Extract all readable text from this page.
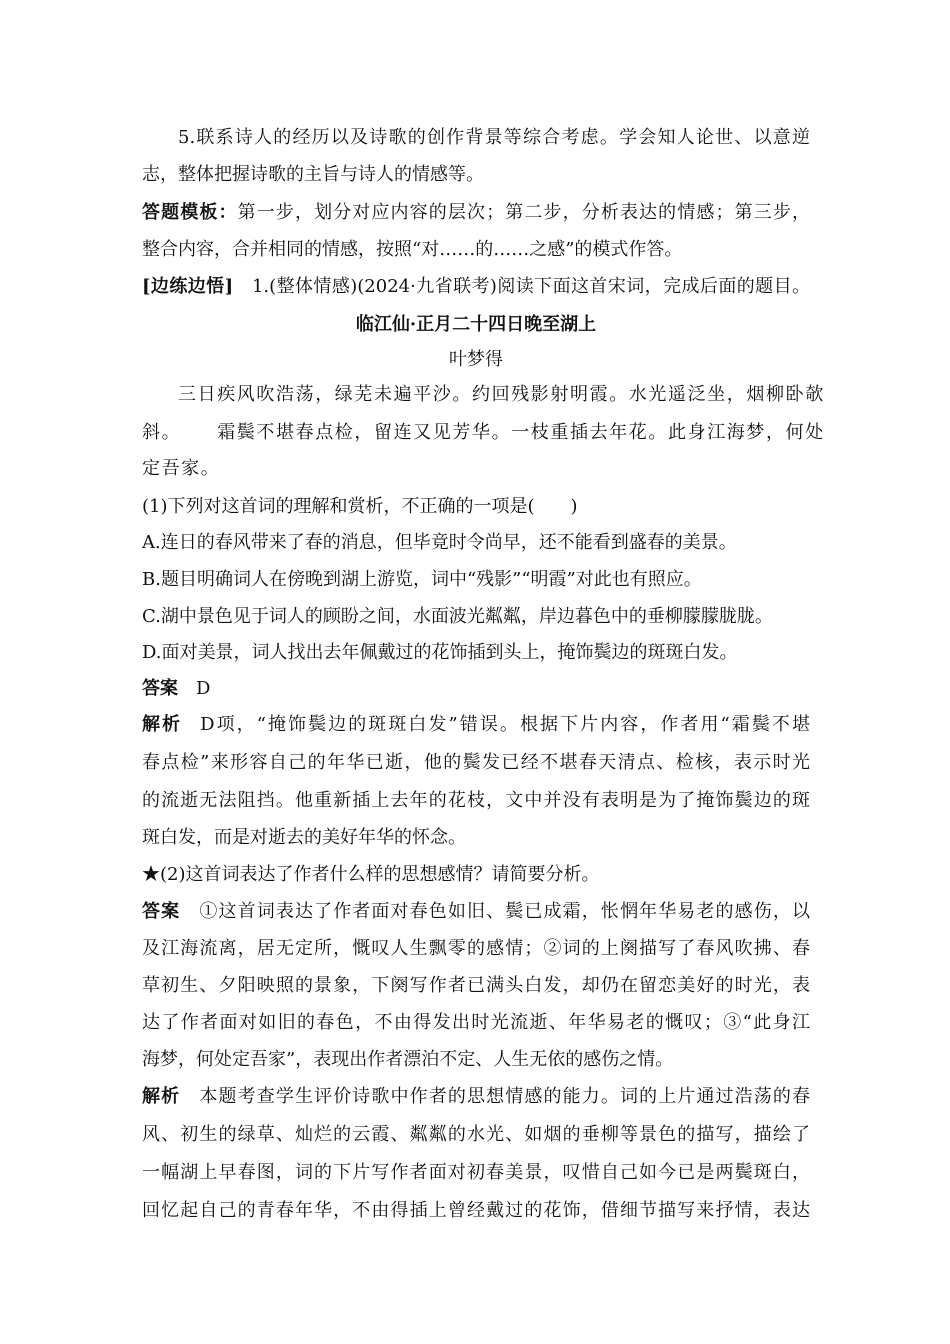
5.联系诗人的经历以及诗歌的创作背景等综合考虑。学会知人论世、以意逆
志，整体把握诗歌的主旨与诗人的情感等。
答题模板：第一步，划分对应内容的层次；第二步，分析表达的情感；第三步，
整合内容，合并相同的情感，按照“对……的……之感”的模式作答。
[边练边悟]　 1.(整体情感)(2024·九省联考)阅读下面这首宋词，完成后面的题目。
临江仙·正月二十四日晚至湖上
叶梦得
三日疾风吹浩荡，绿芜未遍平沙。约回残影射明霞。水光遥泛坐，烟柳卧欹
斜。 霜鬓不堪春点检，留连又见芳华。一枝重插去年花。此身江海梦，何处
定吾家。
(1)下列对这首词的理解和赏析，不正确的一项是(　　)
A.连日的春风带来了春的消息，但毕竟时令尚早，还不能看到盛春的美景。
B.题目明确词人在傍晚到湖上游览，词中“残影”“明霞”对此也有照应。
C.湖中景色见于词人的顾盼之间，水面波光粼粼，岸边暮色中的垂柳朦朦胧胧。
D.面对美景，词人找出去年佩戴过的花饰插到头上，掩饰鬓边的斑斑白发。
答案 D
解析 D项，“掩饰鬓边的斑斑白发”错误。根据下片内容，作者用“霜鬓不堪
春点检”来形容自己的年华已逝，他的鬓发已经不堪春天清点、检核，表示时光
的流逝无法阻挡。他重新插上去年的花枝，文中并没有表明是为了掩饰鬓边的斑
斑白发，而是对逝去的美好年华的怀念。
★(2)这首词表达了作者什么样的思想感情？请简要分析。
答案 ①这首词表达了作者面对春色如旧、鬓已成霜，怅惘年华易老的感伤，以
及江海流离，居无定所，慨叹人生飘零的感情；②词的上阕描写了春风吹拂、春
草初生、夕阳映照的景象，下阕写作者已满头白发，却仍在留恋美好的时光，表
达了作者面对如旧的春色，不由得发出时光流逝、年华易老的慨叹；③“此身江
海梦，何处定吾家”，表现出作者漂泊不定、人生无依的感伤之情。
解析 本题考查学生评价诗歌中作者的思想情感的能力。词的上片通过浩荡的春
风、初生的绿草、灿烂的云霞、粼粼的水光、如烟的垂柳等景色的描写，描绘了
一幅湖上早春图，词的下片写作者面对初春美景，叹惜自己如今已是两鬓斑白，
回忆起自己的青春年华，不由得插上曾经戴过的花饰，借细节描写来抒情，表达
